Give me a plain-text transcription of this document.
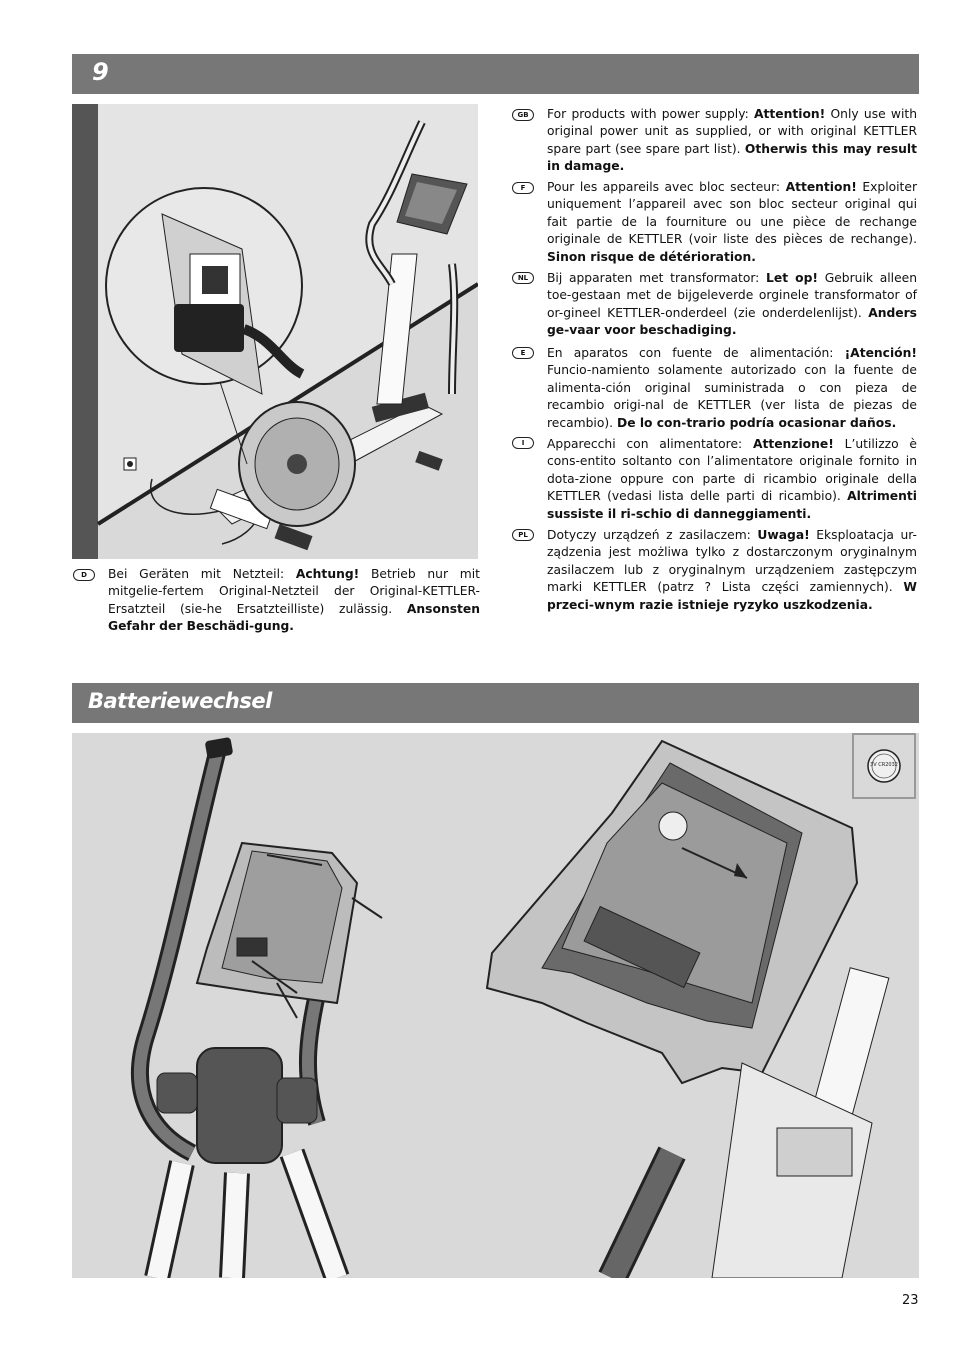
9
D	Bei Geräten mit Netzteil: Achtung! Betrieb nur mit mitgelie-fertem Original-Netzteil der Original-KETTLER-Ersatzteil (sie-he Ersatzteilliste) zulässig. Ansonsten Gefahr der Beschädi-gung.
GB	For products with power supply: Attention! Only use with original power unit as supplied, or with original KETTLER spare part (see spare part list). Otherwis this may result in damage.
F	Pour les appareils avec bloc secteur: Attention! Exploiter uniquement l’appareil avec son bloc secteur original qui fait partie de la fourniture ou une pièce de rechange originale de KETTLER (voir liste des pièces de rechange). Sinon risque de détérioration.
NL	Bij apparaten met transformator: Let op! Gebruik alleen toe-gestaan met de bijgeleverde orginele transformator of or-gineel KETTLER-onderdeel (zie onderdelenlijst). Anders ge-vaar voor beschadiging.
E	En aparatos con fuente de alimentación: ¡Atención! Funcio-namiento solamente autorizado con la fuente de alimenta-ción original suministrada o con pieza de recambio origi-nal de KETTLER (ver lista de piezas de recambio). De lo con-trario podría ocasionar daños.
I	Apparecchi con alimentatore: Attenzione! L’utilizzo è cons-entito soltanto con l’alimentatore originale fornito in dota-zione oppure con parte di ricambio originale della KETTLER (vedasi lista delle parti di ricambio). Altrimenti sussiste il ri-schio di danneggiamenti.
PL	Dotyczy urządzeń z zasilaczem: Uwaga! Eksploatacja ur-ządzenia jest możliwa tylko z dostarczonym oryginalnym zasilaczem lub z oryginalnym urządzeniem zastępczym marki KETTLER (patrz ? Lista części zamiennych). W przeci-wnym razie istnieje ryzyko uszkodzenia.
Batteriewechsel
3V CR2032
23
